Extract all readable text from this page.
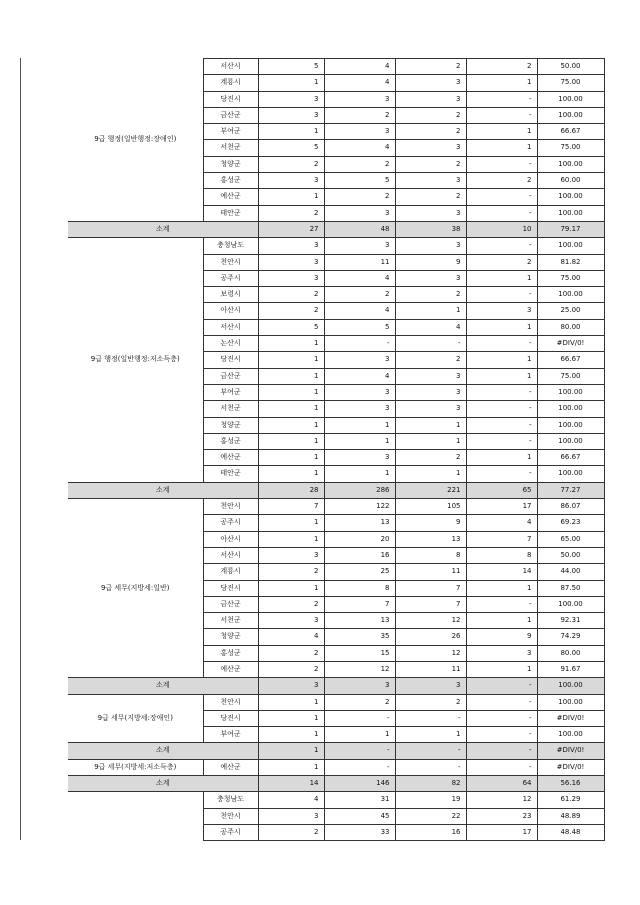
9급 행정(일반행정:장애인)	서산시	5	4	2	2	50.00
	계룡시	1	4	3	1	75.00
	당진시	3	3	3	-	100.00
	금산군	3	2	2	-	100.00
	부여군	1	3	2	1	66.67
	서천군	5	4	3	1	75.00
	청양군	2	2	2	-	100.00
	홍성군	3	5	3	2	60.00
	예산군	1	2	2	-	100.00
	태안군	2	3	3	-	100.00
소계		27	48	38	10	79.17
9급 행정(일반행정:저소득층)	충청남도	3	3	3	-	100.00
	천안시	3	11	9	2	81.82
	공주시	3	4	3	1	75.00
	보령시	2	2	2	-	100.00
	아산시	2	4	1	3	25.00
	서산시	5	5	4	1	80.00
	논산시	1	-	-	-	#DIV/0!
	당진시	1	3	2	1	66.67
	금산군	1	4	3	1	75.00
	부여군	1	3	3	-	100.00
	서천군	1	3	3	-	100.00
	청양군	1	1	1	-	100.00
	홍성군	1	1	1	-	100.00
	예산군	1	3	2	1	66.67
	태안군	1	1	1	-	100.00
소계		28	286	221	65	77.27
9급 세무(지방세:일반)	천안시	7	122	105	17	86.07
	공주시	1	13	9	4	69.23
	아산시	1	20	13	7	65.00
	서산시	3	16	8	8	50.00
	계룡시	2	25	11	14	44.00
	당진시	1	8	7	1	87.50
	금산군	2	7	7	-	100.00
	서천군	3	13	12	1	92.31
	청양군	4	35	26	9	74.29
	홍성군	2	15	12	3	80.00
	예산군	2	12	11	1	91.67
소계		3	3	3	-	100.00
9급 세무(지방세:장애인)	천안시	1	2	2	-	100.00
	당진시	1	-	-	-	#DIV/0!
	부여군	1	1	1	-	100.00
소계		1	-	-	-	#DIV/0!
9급 세무(지방세:저소득층)	예산군	1	-	-	-	#DIV/0!
소계		14	146	82	64	56.16
	충청남도	4	31	19	12	61.29
	천안시	3	45	22	23	48.89
	공주시	2	33	16	17	48.48
